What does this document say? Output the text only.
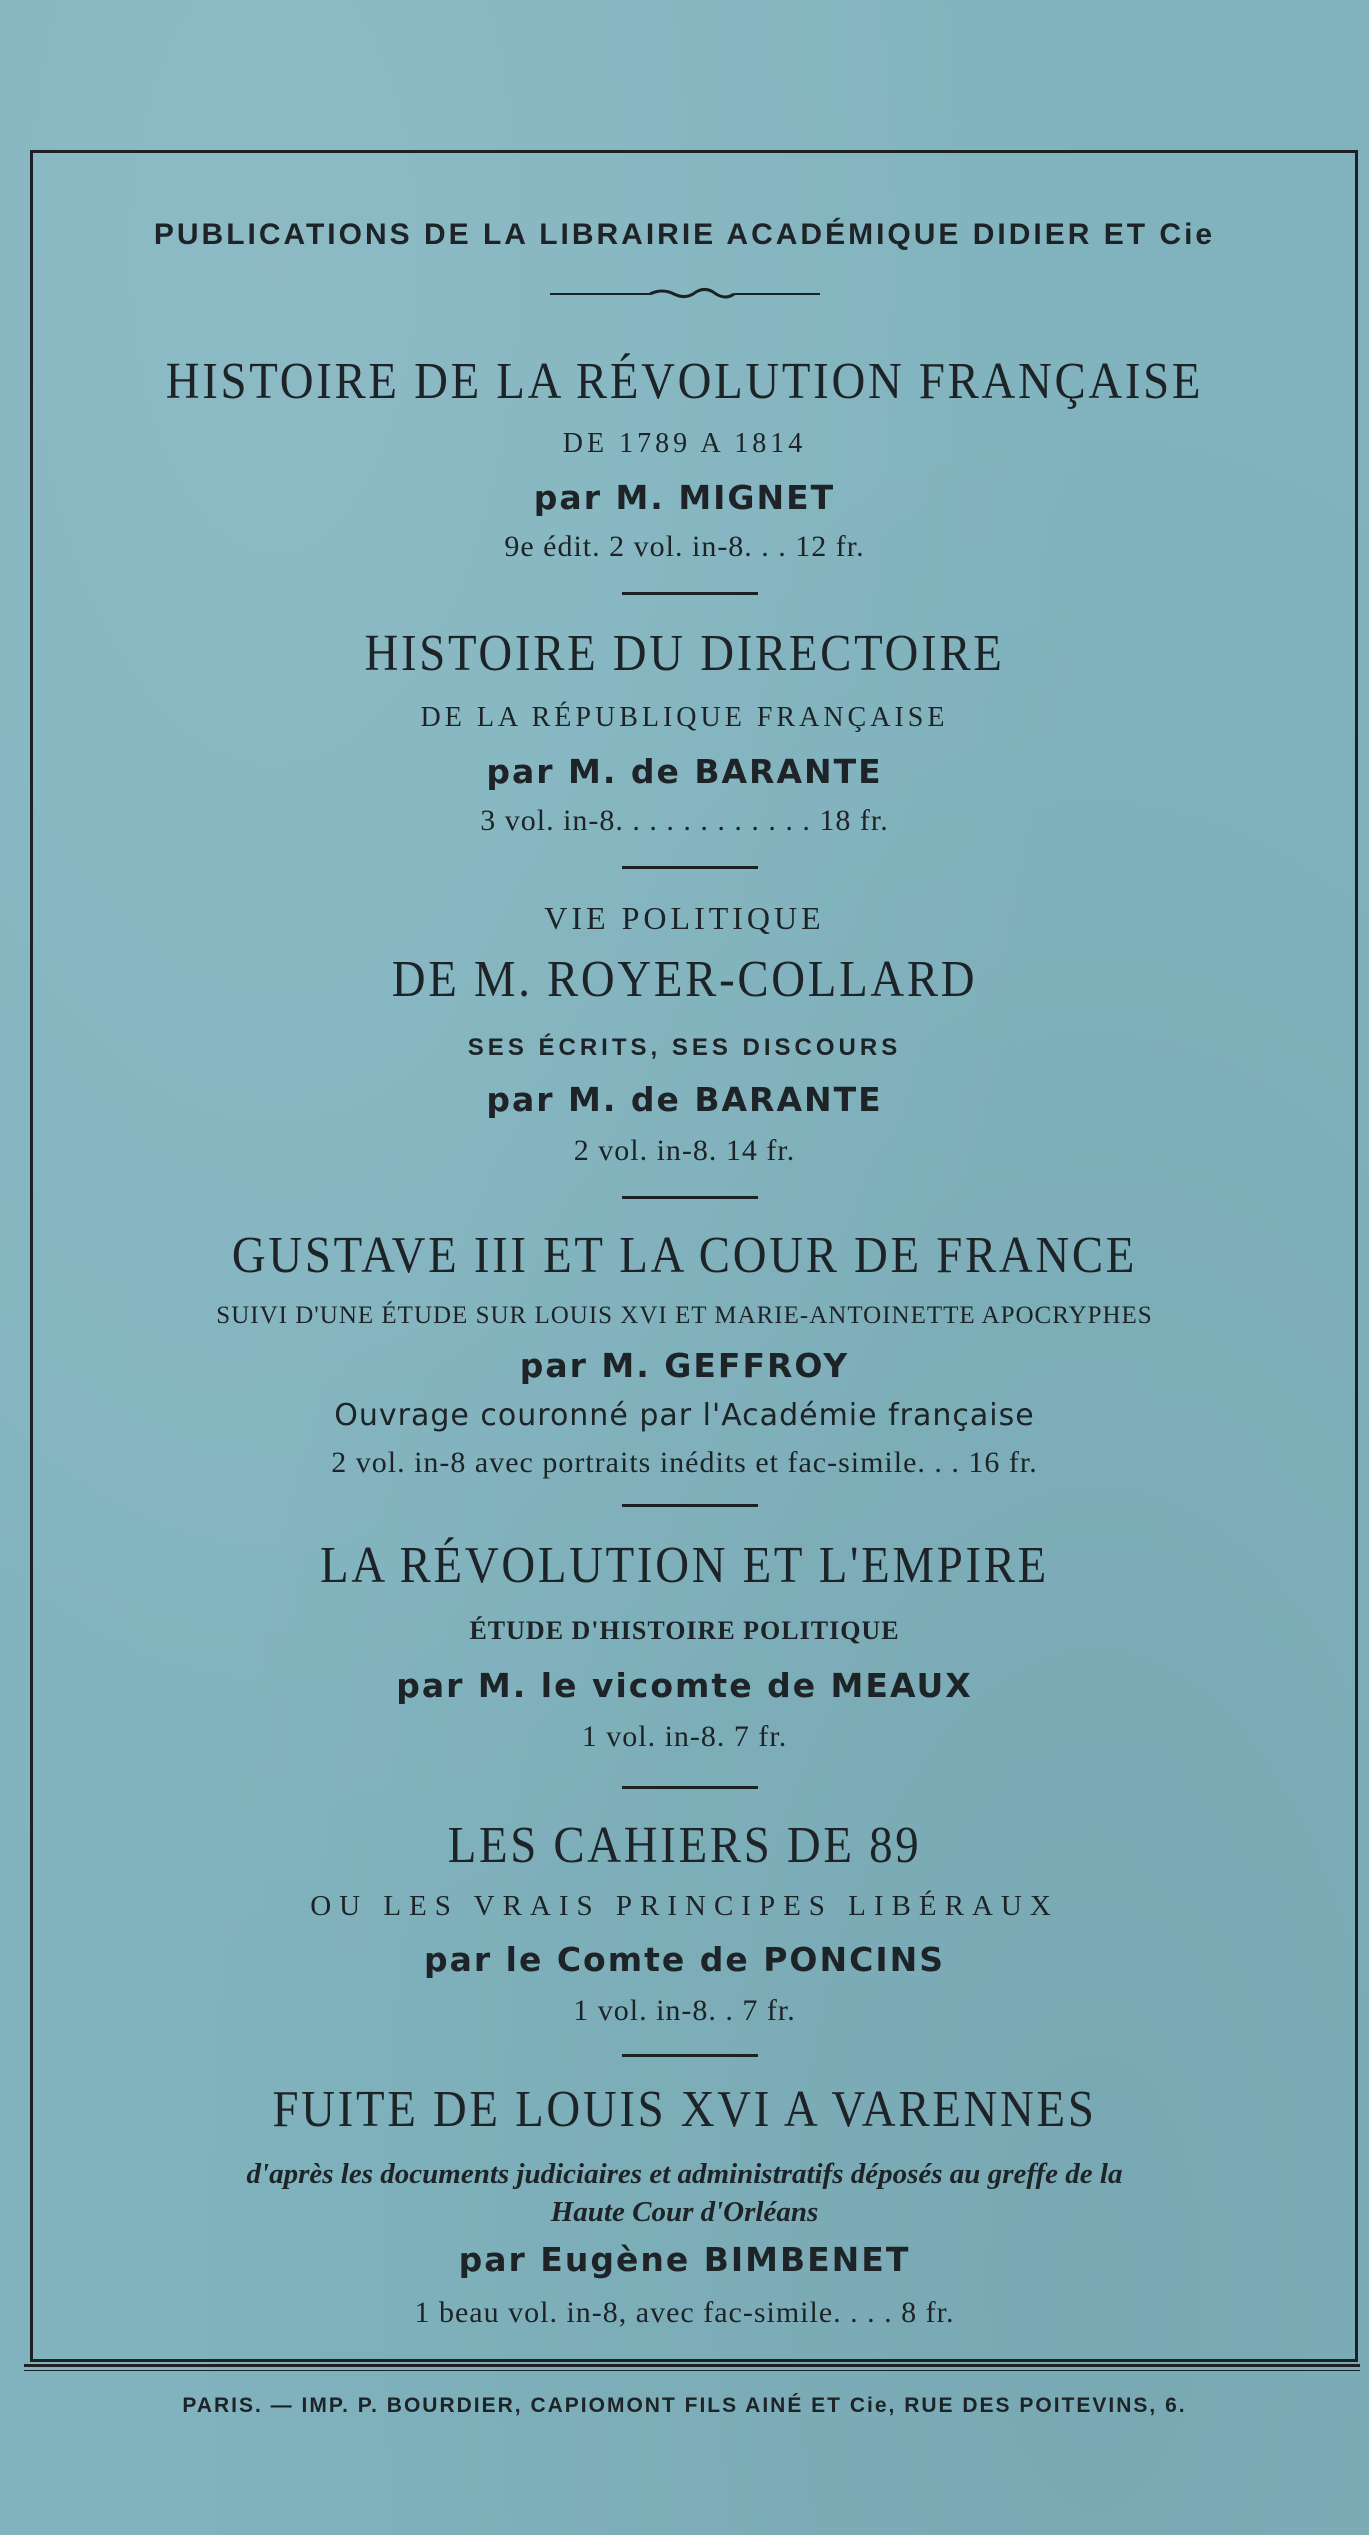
PUBLICATIONS DE LA LIBRAIRIE ACADÉMIQUE DIDIER ET Cie
HISTOIRE DE LA RÉVOLUTION FRANÇAISE
DE 1789 A 1814
par M. MIGNET
9e édit. 2 vol. in-8. . . 12 fr.
HISTOIRE DU DIRECTOIRE
DE LA RÉPUBLIQUE FRANÇAISE
par M. de BARANTE
3 vol. in-8. . . . . . . . . . . . 18 fr.
VIE POLITIQUE
DE M. ROYER-COLLARD
SES ÉCRITS, SES DISCOURS
par M. de BARANTE
2 vol. in-8. 14 fr.
GUSTAVE III ET LA COUR DE FRANCE
SUIVI D'UNE ÉTUDE SUR LOUIS XVI ET MARIE-ANTOINETTE APOCRYPHES
par M. GEFFROY
Ouvrage couronné par l'Académie française
2 vol. in-8 avec portraits inédits et fac-simile. . . 16 fr.
LA RÉVOLUTION ET L'EMPIRE
ÉTUDE D'HISTOIRE POLITIQUE
par M. le vicomte de MEAUX
1 vol. in-8. 7 fr.
LES CAHIERS DE 89
OU LES VRAIS PRINCIPES LIBÉRAUX
par le Comte de PONCINS
1 vol. in-8. . 7 fr.
FUITE DE LOUIS XVI A VARENNES
d'après les documents judiciaires et administratifs déposés au greffe de la
Haute Cour d'Orléans
par Eugène BIMBENET
1 beau vol. in-8, avec fac-simile. . . . 8 fr.
PARIS. — IMP. P. BOURDIER, CAPIOMONT FILS AINÉ ET Cie, RUE DES POITEVINS, 6.
